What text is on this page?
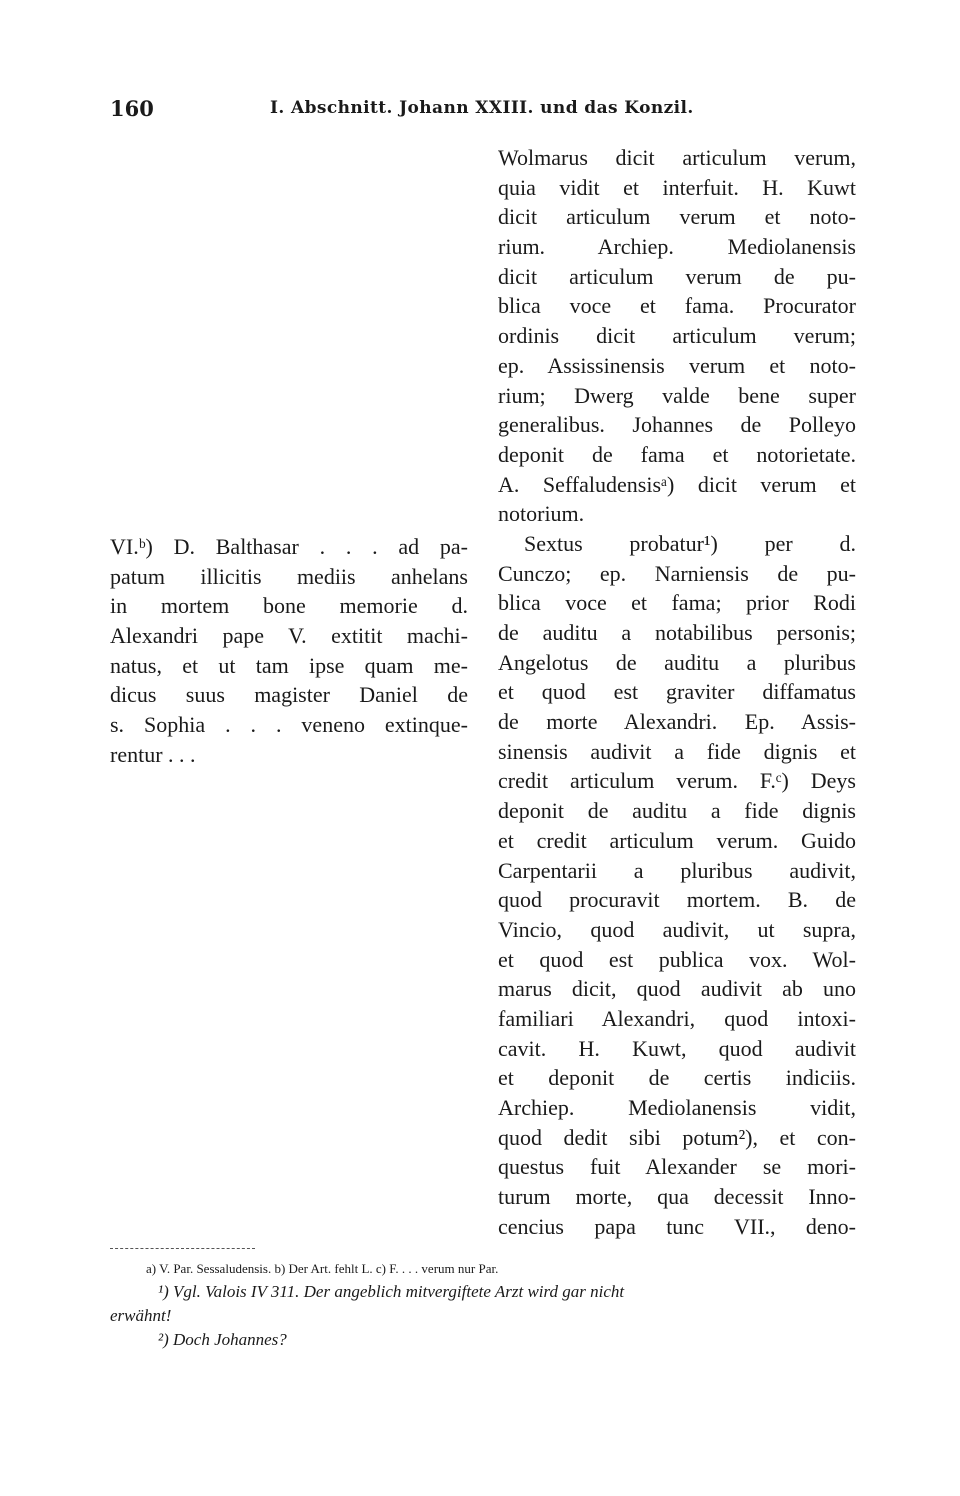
160	I. Abschnitt. Johann XXIII. und das Konzil.
VI.ᵇ) D. Balthasar . . . ad pa-
patum illicitis mediis anhelans
in mortem bone memorie d.
Alexandri pape V. extitit machi-
natus, et ut tam ipse quam me-
dicus suus magister Daniel de
s. Sophia . . . veneno extinque-
rentur . . .
Wolmarus dicit articulum verum,
quia vidit et interfuit. H. Kuwt
dicit articulum verum et noto-
rium. Archiep. Mediolanensis
dicit articulum verum de pu-
blica voce et fama. Procurator
ordinis dicit articulum verum;
ep. Assissinensis verum et noto-
rium; Dwerg valde bene super
generalibus. Johannes de Polleyo
deponit de fama et notorietate.
A. Seffaludensisᵃ) dicit verum et
notorium.
Sextus probatur¹) per d.
Cunczo; ep. Narniensis de pu-
blica voce et fama; prior Rodi
de auditu a notabilibus personis;
Angelotus de auditu a pluribus
et quod est graviter diffamatus
de morte Alexandri. Ep. Assis-
sinensis audivit a fide dignis et
credit articulum verum. F.ᶜ) Deys
deponit de auditu a fide dignis
et credit articulum verum. Guido
Carpentarii a pluribus audivit,
quod procuravit mortem. B. de
Vincio, quod audivit, ut supra,
et quod est publica vox. Wol-
marus dicit, quod audivit ab uno
familiari Alexandri, quod intoxi-
cavit. H. Kuwt, quod audivit
et deponit de certis indiciis.
Archiep. Mediolanensis vidit,
quod dedit sibi potum²), et con-
questus fuit Alexander se mori-
turum morte, qua decessit Inno-
cencius papa tunc VII., deno-
a) V. Par. Sessaludensis. b) Der Art. fehlt L. c) F. . . . verum nur Par.
¹) Vgl. Valois IV 311. Der angeblich mitvergiftete Arzt wird gar nicht
erwähnt!
²) Doch Johannes?
